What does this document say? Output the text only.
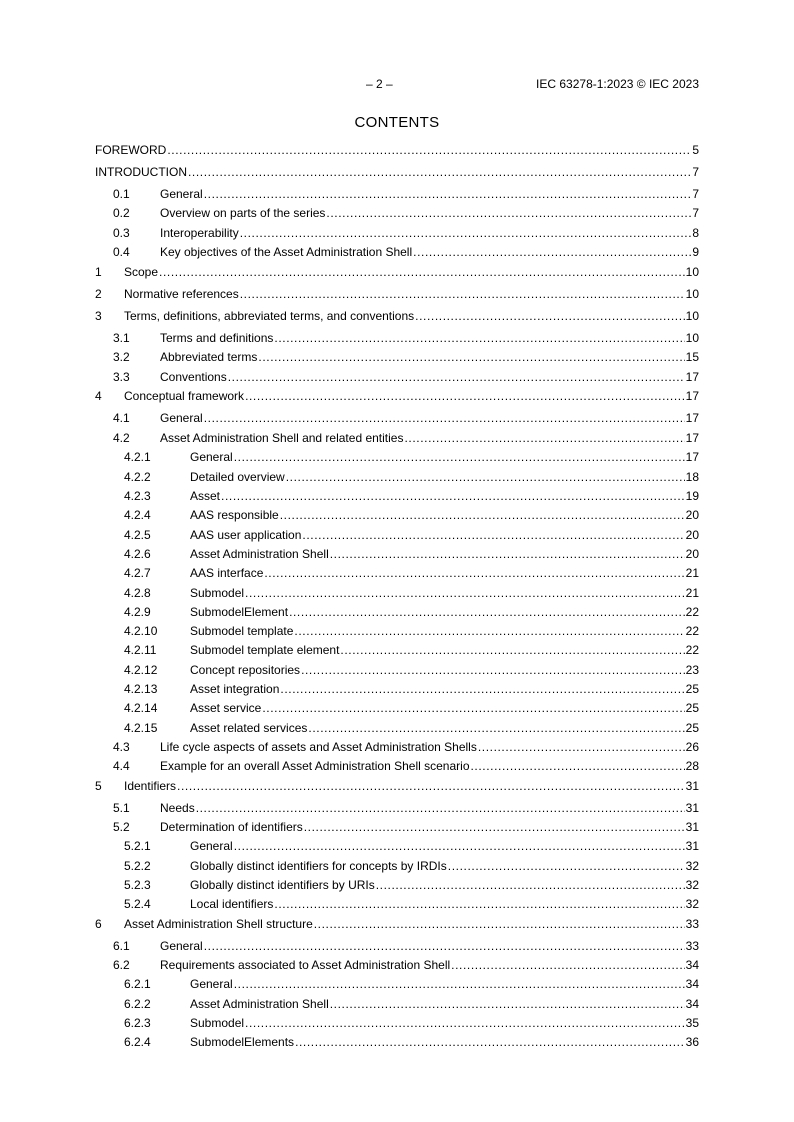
– 2 –	IEC 63278-1:2023 © IEC 2023
CONTENTS
FOREWORD .....	5
INTRODUCTION .....	7
0.1	General .....	7
0.2	Overview on parts of the series .....	7
0.3	Interoperability .....	8
0.4	Key objectives of the Asset Administration Shell .....	9
1	Scope .....	10
2	Normative references .....	10
3	Terms, definitions, abbreviated terms, and conventions .....	10
3.1	Terms and definitions .....	10
3.2	Abbreviated terms .....	15
3.3	Conventions .....	17
4	Conceptual framework .....	17
4.1	General .....	17
4.2	Asset Administration Shell and related entities .....	17
4.2.1	General .....	17
4.2.2	Detailed overview .....	18
4.2.3	Asset .....	19
4.2.4	AAS responsible .....	20
4.2.5	AAS user application .....	20
4.2.6	Asset Administration Shell .....	20
4.2.7	AAS interface .....	21
4.2.8	Submodel .....	21
4.2.9	SubmodelElement .....	22
4.2.10	Submodel template .....	22
4.2.11	Submodel template element .....	22
4.2.12	Concept repositories .....	23
4.2.13	Asset integration .....	25
4.2.14	Asset service .....	25
4.2.15	Asset related services .....	25
4.3	Life cycle aspects of assets and Asset Administration Shells .....	26
4.4	Example for an overall Asset Administration Shell scenario .....	28
5	Identifiers .....	31
5.1	Needs .....	31
5.2	Determination of identifiers .....	31
5.2.1	General .....	31
5.2.2	Globally distinct identifiers for concepts by IRDIs .....	32
5.2.3	Globally distinct identifiers by URIs .....	32
5.2.4	Local identifiers .....	32
6	Asset Administration Shell structure .....	33
6.1	General .....	33
6.2	Requirements associated to Asset Administration Shell .....	34
6.2.1	General .....	34
6.2.2	Asset Administration Shell .....	34
6.2.3	Submodel .....	35
6.2.4	SubmodelElements .....	36
